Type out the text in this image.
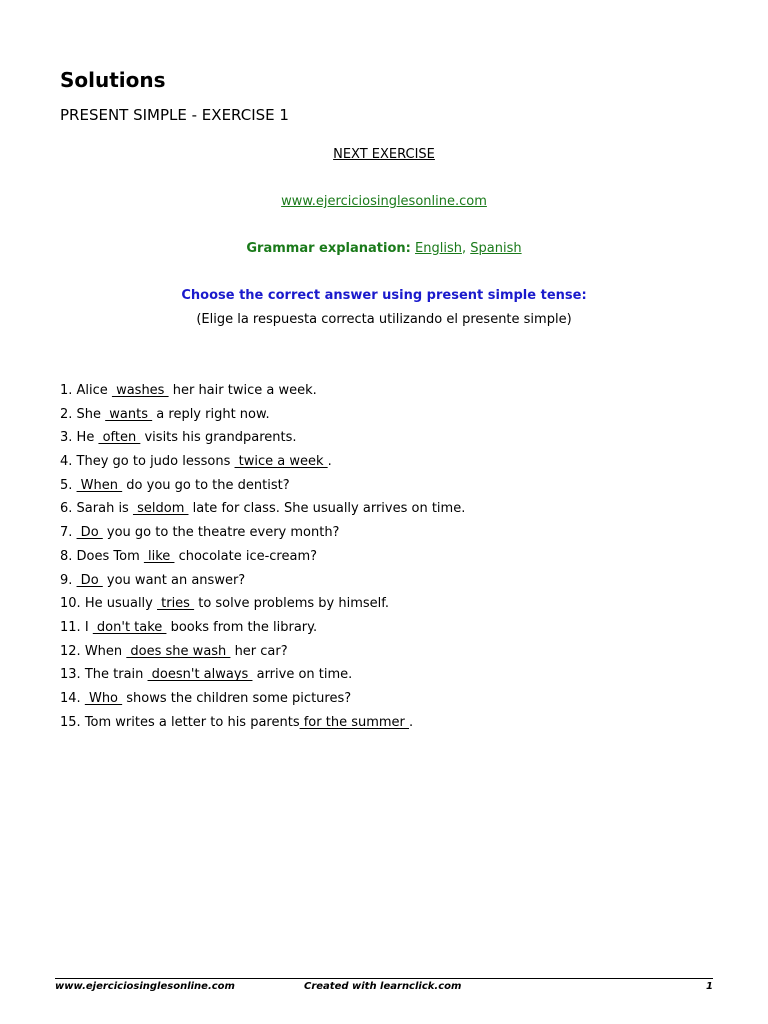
Solutions
PRESENT SIMPLE - EXERCISE 1
NEXT EXERCISE
www.ejerciciosinglesonline.com
Grammar explanation: English, Spanish
Choose the correct answer using present simple tense:
(Elige la respuesta correcta utilizando el presente simple)
1. Alice  washes  her hair twice a week.
2. She  wants  a reply right now.
3. He  often  visits his grandparents.
4. They go to judo lessons  twice a week .
5.  When  do you go to the dentist?
6. Sarah is  seldom  late for class. She usually arrives on time.
7.  Do  you go to the theatre every month?
8. Does Tom  like  chocolate ice-cream?
9.  Do  you want an answer?
10. He usually  tries  to solve problems by himself.
11. I  don't take  books from the library.
12. When  does she wash  her car?
13. The train  doesn't always  arrive on time.
14.  Who  shows the children some pictures?
15. Tom writes a letter to his parents for the summer .
www.ejerciciosinglesonline.com	Created with learnclick.com	1
